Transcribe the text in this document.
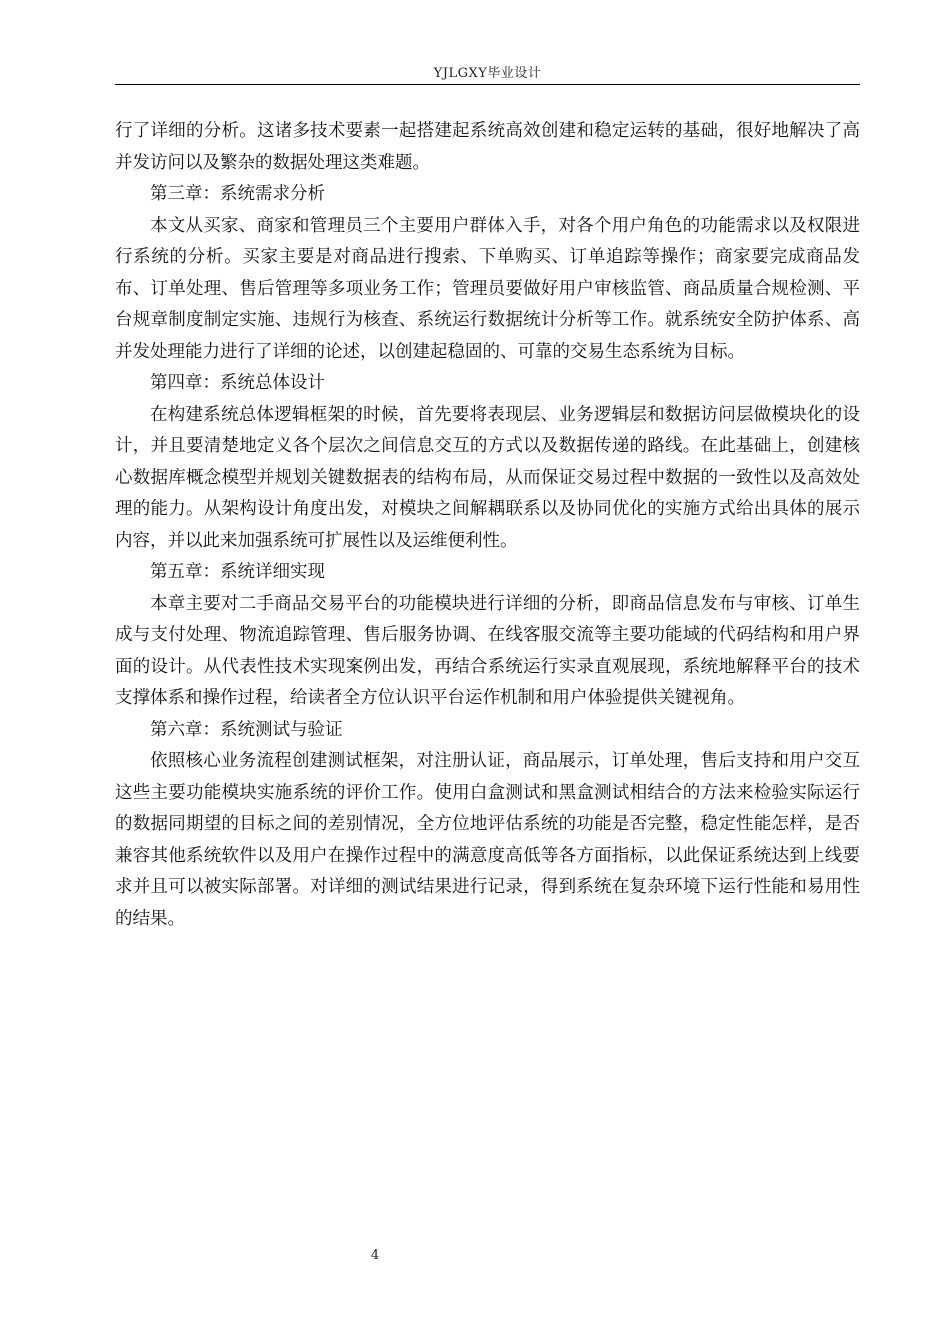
YJLGXY毕业设计

行了详细的分析。这诸多技术要素一起搭建起系统高效创建和稳定运转的基础，很好地解决了高并发访问以及繁杂的数据处理这类难题。

第三章：系统需求分析

本文从买家、商家和管理员三个主要用户群体入手，对各个用户角色的功能需求以及权限进行系统的分析。买家主要是对商品进行搜索、下单购买、订单追踪等操作；商家要完成商品发布、订单处理、售后管理等多项业务工作；管理员要做好用户审核监管、商品质量合规检测、平台规章制度制定实施、违规行为核查、系统运行数据统计分析等工作。就系统安全防护体系、高并发处理能力进行了详细的论述，以创建起稳固的、可靠的交易生态系统为目标。

第四章：系统总体设计

在构建系统总体逻辑框架的时候，首先要将表现层、业务逻辑层和数据访问层做模块化的设计，并且要清楚地定义各个层次之间信息交互的方式以及数据传递的路线。在此基础上，创建核心数据库概念模型并规划关键数据表的结构布局，从而保证交易过程中数据的一致性以及高效处理的能力。从架构设计角度出发，对模块之间解耦联系以及协同优化的实施方式给出具体的展示内容，并以此来加强系统可扩展性以及运维便利性。

第五章：系统详细实现

本章主要对二手商品交易平台的功能模块进行详细的分析，即商品信息发布与审核、订单生成与支付处理、物流追踪管理、售后服务协调、在线客服交流等主要功能域的代码结构和用户界面的设计。从代表性技术实现案例出发，再结合系统运行实录直观展现，系统地解释平台的技术支撑体系和操作过程，给读者全方位认识平台运作机制和用户体验提供关键视角。

第六章：系统测试与验证

依照核心业务流程创建测试框架，对注册认证，商品展示，订单处理，售后支持和用户交互这些主要功能模块实施系统的评价工作。使用白盒测试和黑盒测试相结合的方法来检验实际运行的数据同期望的目标之间的差别情况，全方位地评估系统的功能是否完整，稳定性能怎样，是否兼容其他系统软件以及用户在操作过程中的满意度高低等各方面指标，以此保证系统达到上线要求并且可以被实际部署。对详细的测试结果进行记录，得到系统在复杂环境下运行性能和易用性的结果。

4
